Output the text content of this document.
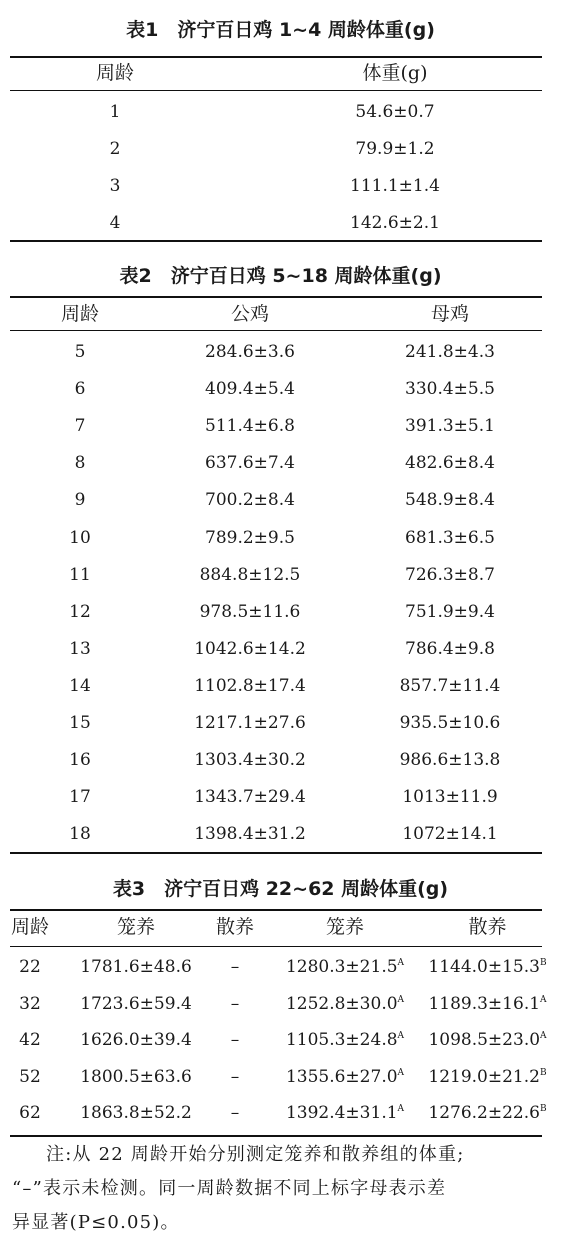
表1　济宁百日鸡 1~4 周龄体重(g)
周龄	体重(g)
1	54.6±0.7
2	79.9±1.2
3	111.1±1.4
4	142.6±2.1
表2　济宁百日鸡 5~18 周龄体重(g)
周龄	公鸡	母鸡
5	284.6±3.6	241.8±4.3
6	409.4±5.4	330.4±5.5
7	511.4±6.8	391.3±5.1
8	637.6±7.4	482.6±8.4
9	700.2±8.4	548.9±8.4
10	789.2±9.5	681.3±6.5
11	884.8±12.5	726.3±8.7
12	978.5±11.6	751.9±9.4
13	1042.6±14.2	786.4±9.8
14	1102.8±17.4	857.7±11.4
15	1217.1±27.6	935.5±10.6
16	1303.4±30.2	986.6±13.8
17	1343.7±29.4	1013±11.9
18	1398.4±31.2	1072±14.1
表3　济宁百日鸡 22~62 周龄体重(g)
周龄	笼养	散养	笼养	散养
22	1781.6±48.6	–	$1280.3\pm 21.5^A$	$1144.0\pm 15.3^B$
32	1723.6±59.4	–	$1252.8\pm 30.0^A$	$1189.3\pm 16.1^A$
42	1626.0±39.4	–	$1105.3\pm 24.8^A$	$1098.5\pm 23.0^A$
52	1800.5±63.6	–	$1355.6\pm 27.0^A$	$1219.0\pm 21.2^B$
62	1863.8±52.2	–	$1392.4\pm 31.1^A$	$1276.2\pm 22.6^B$

注:从 22 周龄开始分别测定笼养和散养组的体重;

“–”表示未检测。同一周龄数据不同上标字母表示差

异显著(P≤0.05)。
